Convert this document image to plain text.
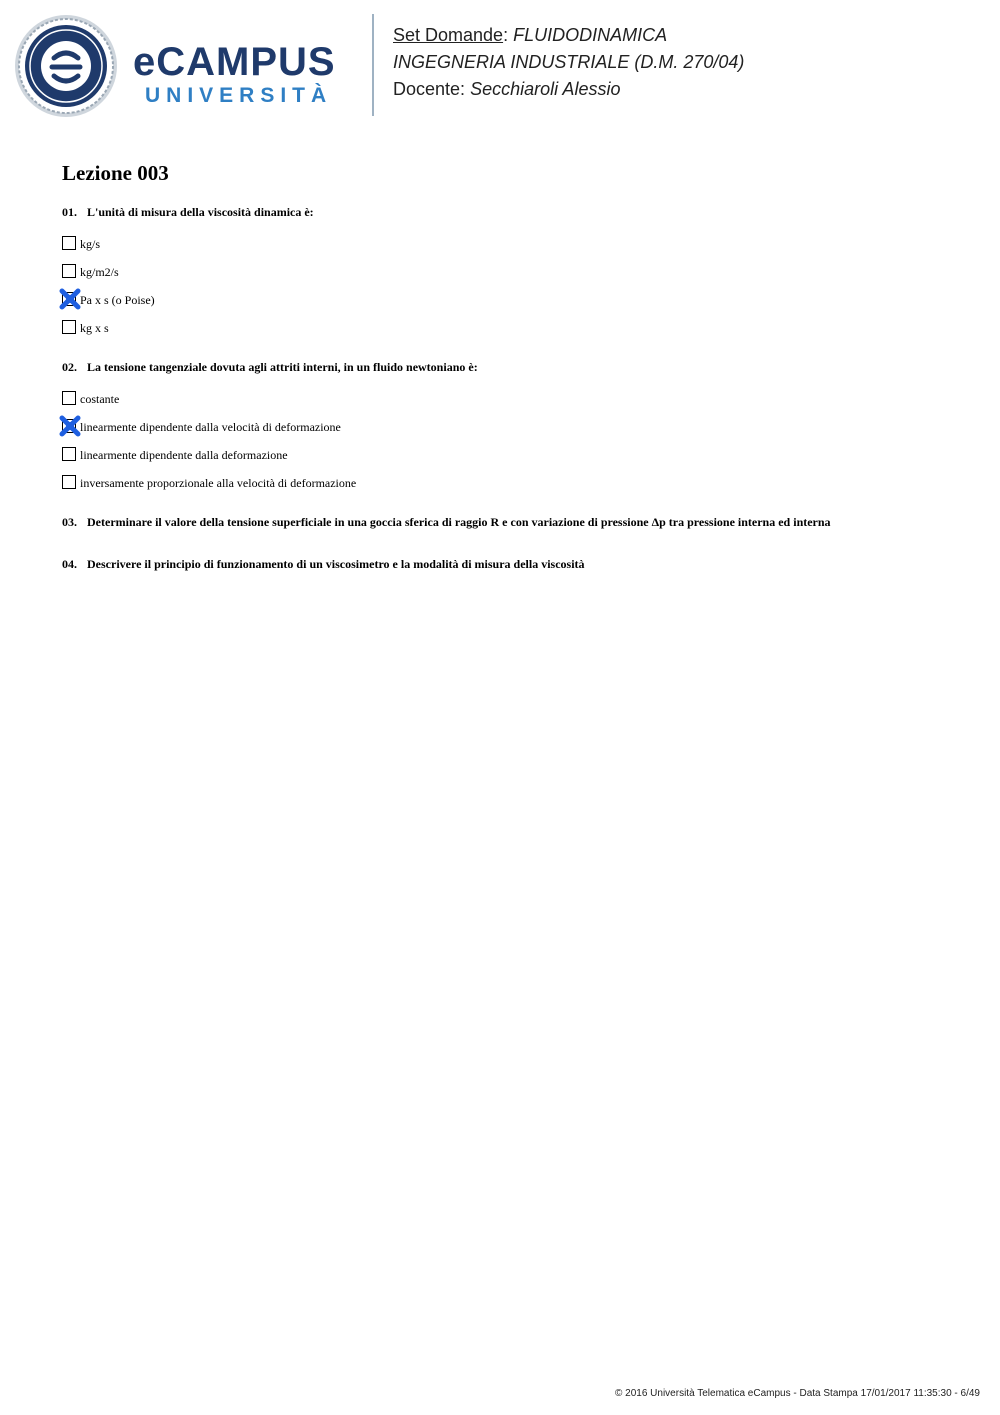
eCAMPUS
UNIVERSITÀ
Set Domande: FLUIDODINAMICA
INGEGNERIA INDUSTRIALE (D.M. 270/04)
Docente: Secchiaroli Alessio
Lezione 003
01. L'unità di misura della viscosità dinamica è:
kg/s
kg/m2/s
Pa x s (o Poise)
kg x s
02. La tensione tangenziale dovuta agli attriti interni, in un fluido newtoniano è:
costante
linearmente dipendente dalla velocità di deformazione
linearmente dipendente dalla deformazione
inversamente proporzionale alla velocità di deformazione
03. Determinare il valore della tensione superficiale in una goccia sferica di raggio R e con variazione di pressione Δp tra pressione interna ed interna
04. Descrivere il principio di funzionamento di un viscosimetro e la modalità di misura della viscosità
© 2016 Università Telematica eCampus - Data Stampa 17/01/2017 11:35:30 - 6/49
